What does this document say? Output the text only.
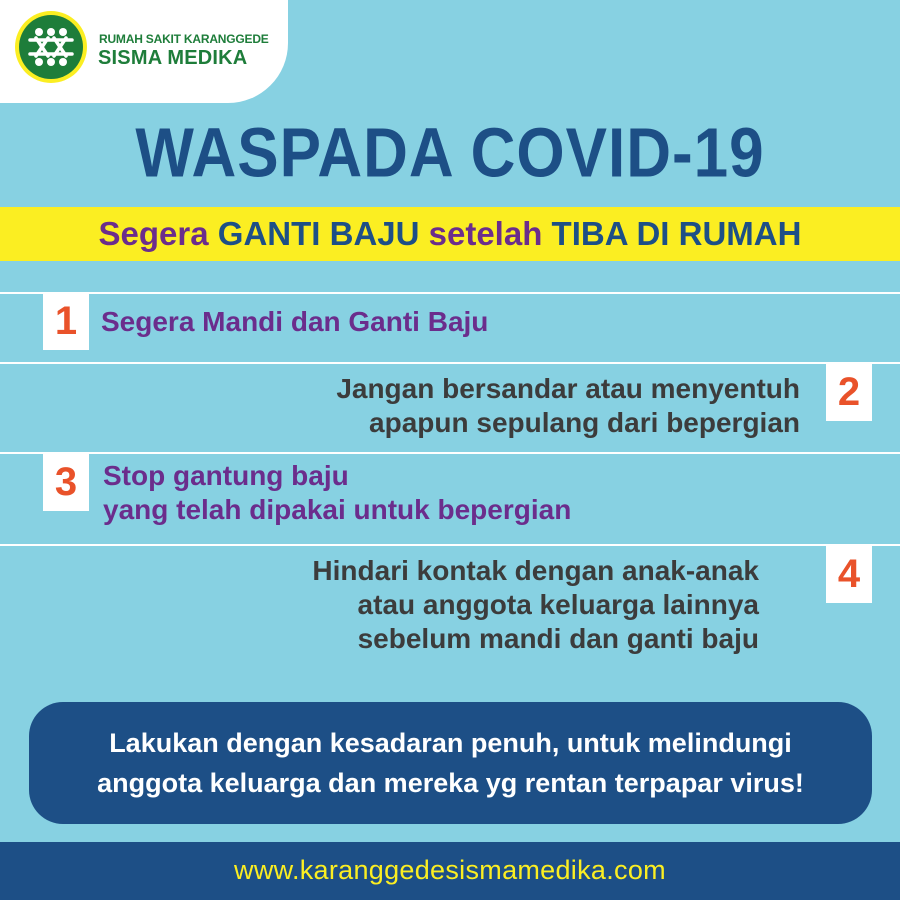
RUMAH SAKIT KARANGGEDE
SISMA MEDIKA
WASPADA COVID-19
Segera GANTI BAJU setelah TIBA DI RUMAH
1 Segera Mandi dan Ganti Baju
2
Jangan bersandar atau menyentuh
apapun sepulang dari bepergian
3 Stop gantung baju
yang telah dipakai untuk bepergian
4
Hindari kontak dengan anak-anak
atau anggota keluarga lainnya
sebelum mandi dan ganti baju
Lakukan dengan kesadaran penuh, untuk melindungi
anggota keluarga dan mereka yg rentan terpapar virus!
www.karanggedesismamedika.com
